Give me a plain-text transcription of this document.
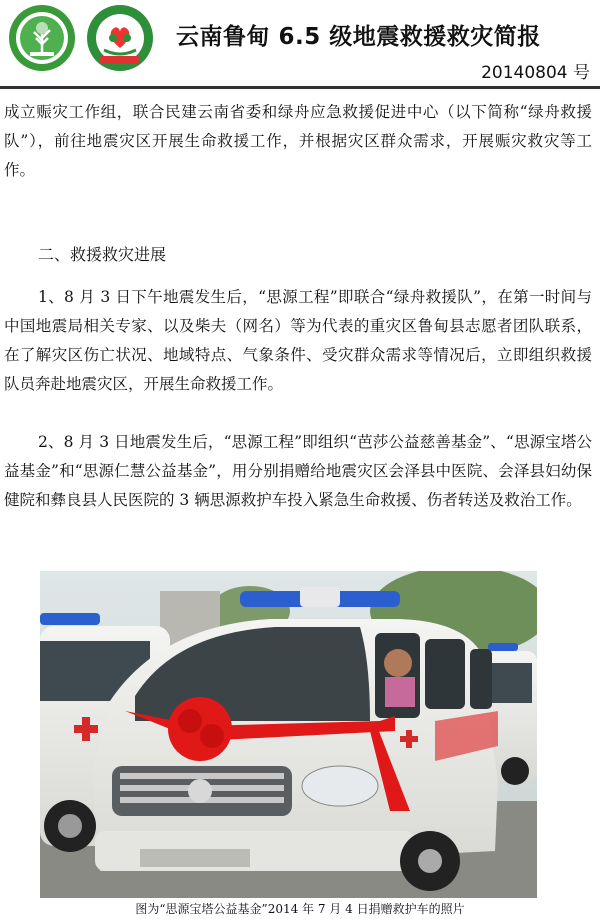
云南鲁甸 6.5 级地震救援救灾简报
20140804 号
成立赈灾工作组，联合民建云南省委和绿舟应急救援促进中心（以下简称“绿舟救援队”），前往地震灾区开展生命救援工作，并根据灾区群众需求，开展赈灾救灾等工作。
二、救援救灾进展
1、8 月 3 日下午地震发生后，“思源工程”即联合“绿舟救援队”，在第一时间与中国地震局相关专家、以及柴夫（网名）等为代表的重灾区鲁甸县志愿者团队联系，在了解灾区伤亡状况、地域特点、气象条件、受灾群众需求等情况后，立即组织救援队员奔赴地震灾区，开展生命救援工作。
2、8 月 3 日地震发生后，“思源工程”即组织“芭莎公益慈善基金”、“思源宝塔公益基金”和“思源仁慧公益基金”，用分别捐赠给地震灾区会泽县中医院、会泽县妇幼保健院和彝良县人民医院的 3 辆思源救护车投入紧急生命救援、伤者转送及救治工作。
图为“思源宝塔公益基金”2014 年 7 月 4 日捐赠救护车的照片
